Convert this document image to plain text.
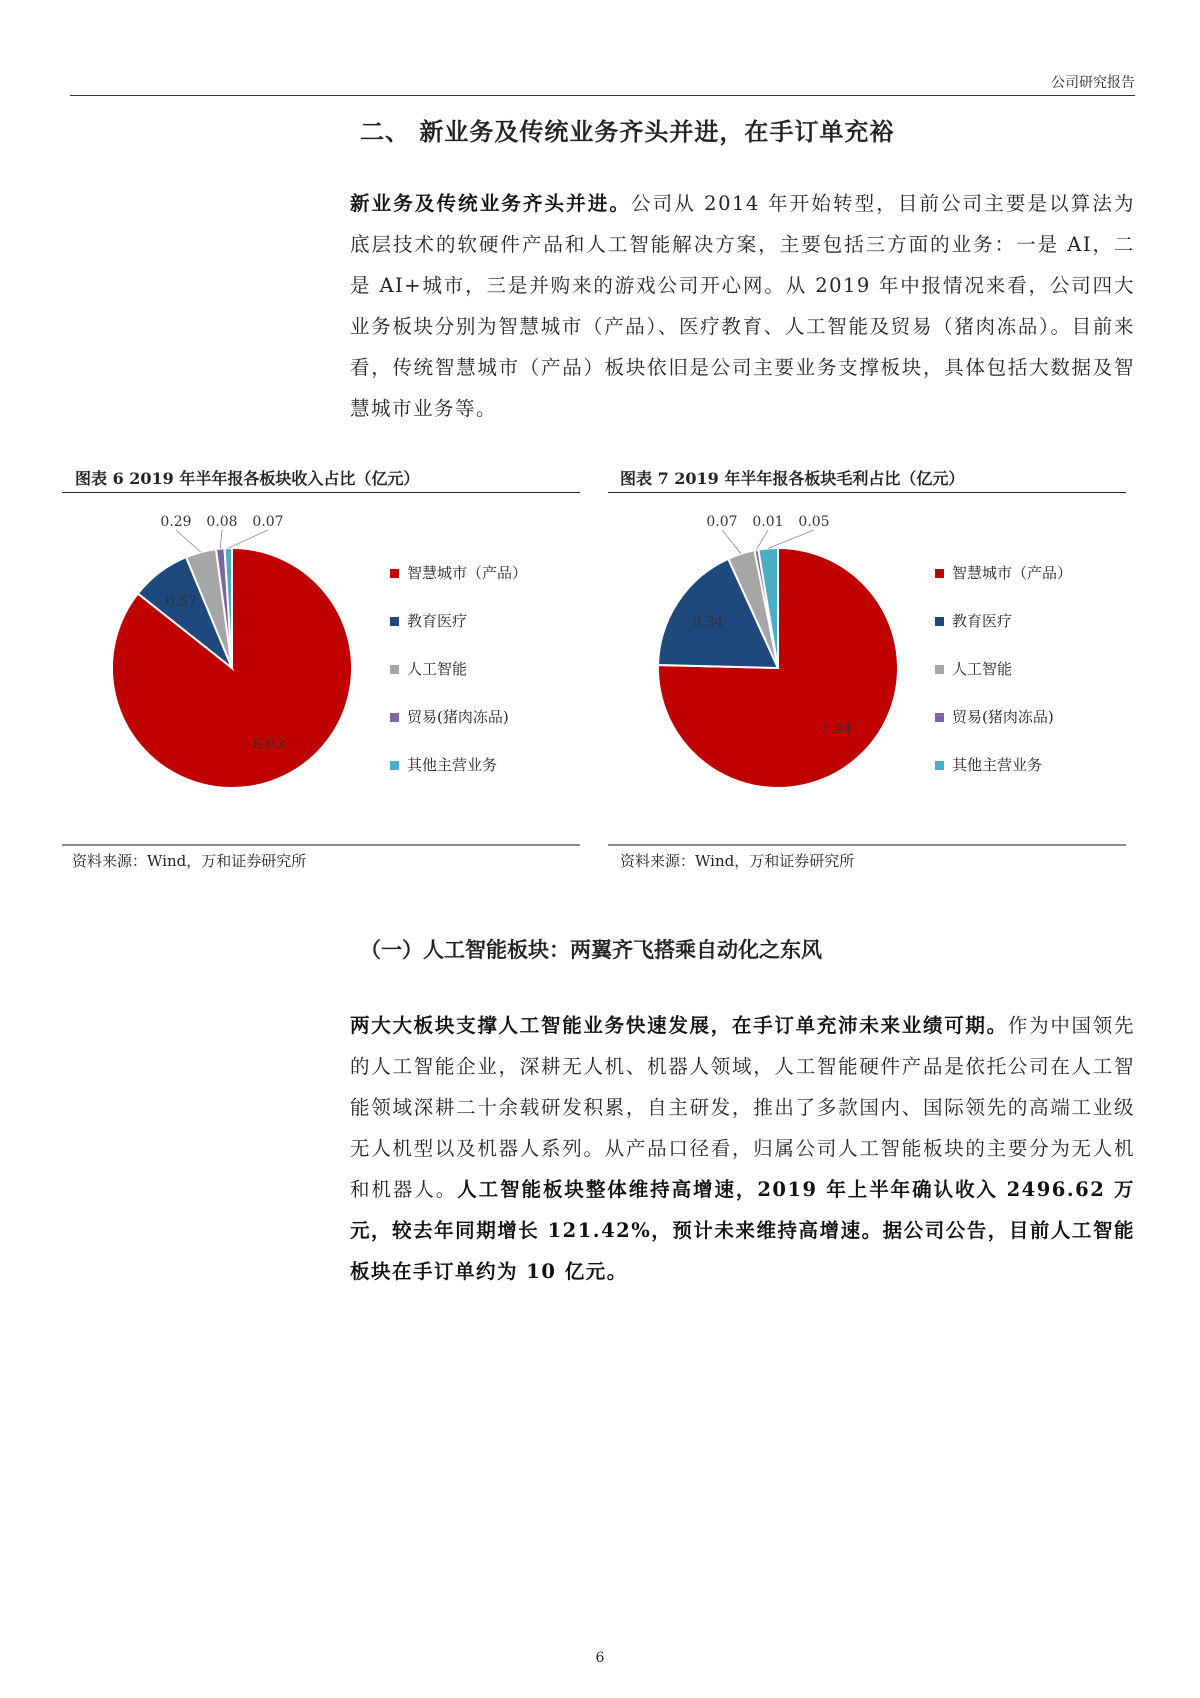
公司研究报告
二、 新业务及传统业务齐头并进，在手订单充裕
新业务及传统业务齐头并进。公司从 2014 年开始转型，目前公司主要是以算法为底层技术的软硬件产品和人工智能解决方案，主要包括三方面的业务：一是 AI，二是 AI+城市，三是并购来的游戏公司开心网。从 2019 年中报情况来看，公司四大业务板块分别为智慧城市（产品）、医疗教育、人工智能及贸易（猪肉冻品）。目前来看，传统智慧城市（产品）板块依旧是公司主要业务支撑板块，具体包括大数据及智慧城市业务等。
图表 6 2019 年半年报各板块收入占比（亿元）
6.03
0.57
0.29 0.08 0.07
智慧城市（产品）
教育医疗
人工智能
贸易(猪肉冻品)
其他主营业务
资料来源：Wind，万和证券研究所
图表 7 2019 年半年报各板块毛利占比（亿元）
1.44
0.34
0.07 0.01 0.05
智慧城市（产品）
教育医疗
人工智能
贸易(猪肉冻品)
其他主营业务
资料来源：Wind，万和证券研究所
（一）人工智能板块：两翼齐飞搭乘自动化之东风
两大大板块支撑人工智能业务快速发展，在手订单充沛未来业绩可期。作为中国领先的人工智能企业，深耕无人机、机器人领域，人工智能硬件产品是依托公司在人工智能领域深耕二十余载研发积累，自主研发，推出了多款国内、国际领先的高端工业级无人机型以及机器人系列。从产品口径看，归属公司人工智能板块的主要分为无人机和机器人。人工智能板块整体维持高增速，2019 年上半年确认收入 2496.62 万元，较去年同期增长 121.42%，预计未来维持高增速。据公司公告，目前人工智能板块在手订单约为 10 亿元。
6
